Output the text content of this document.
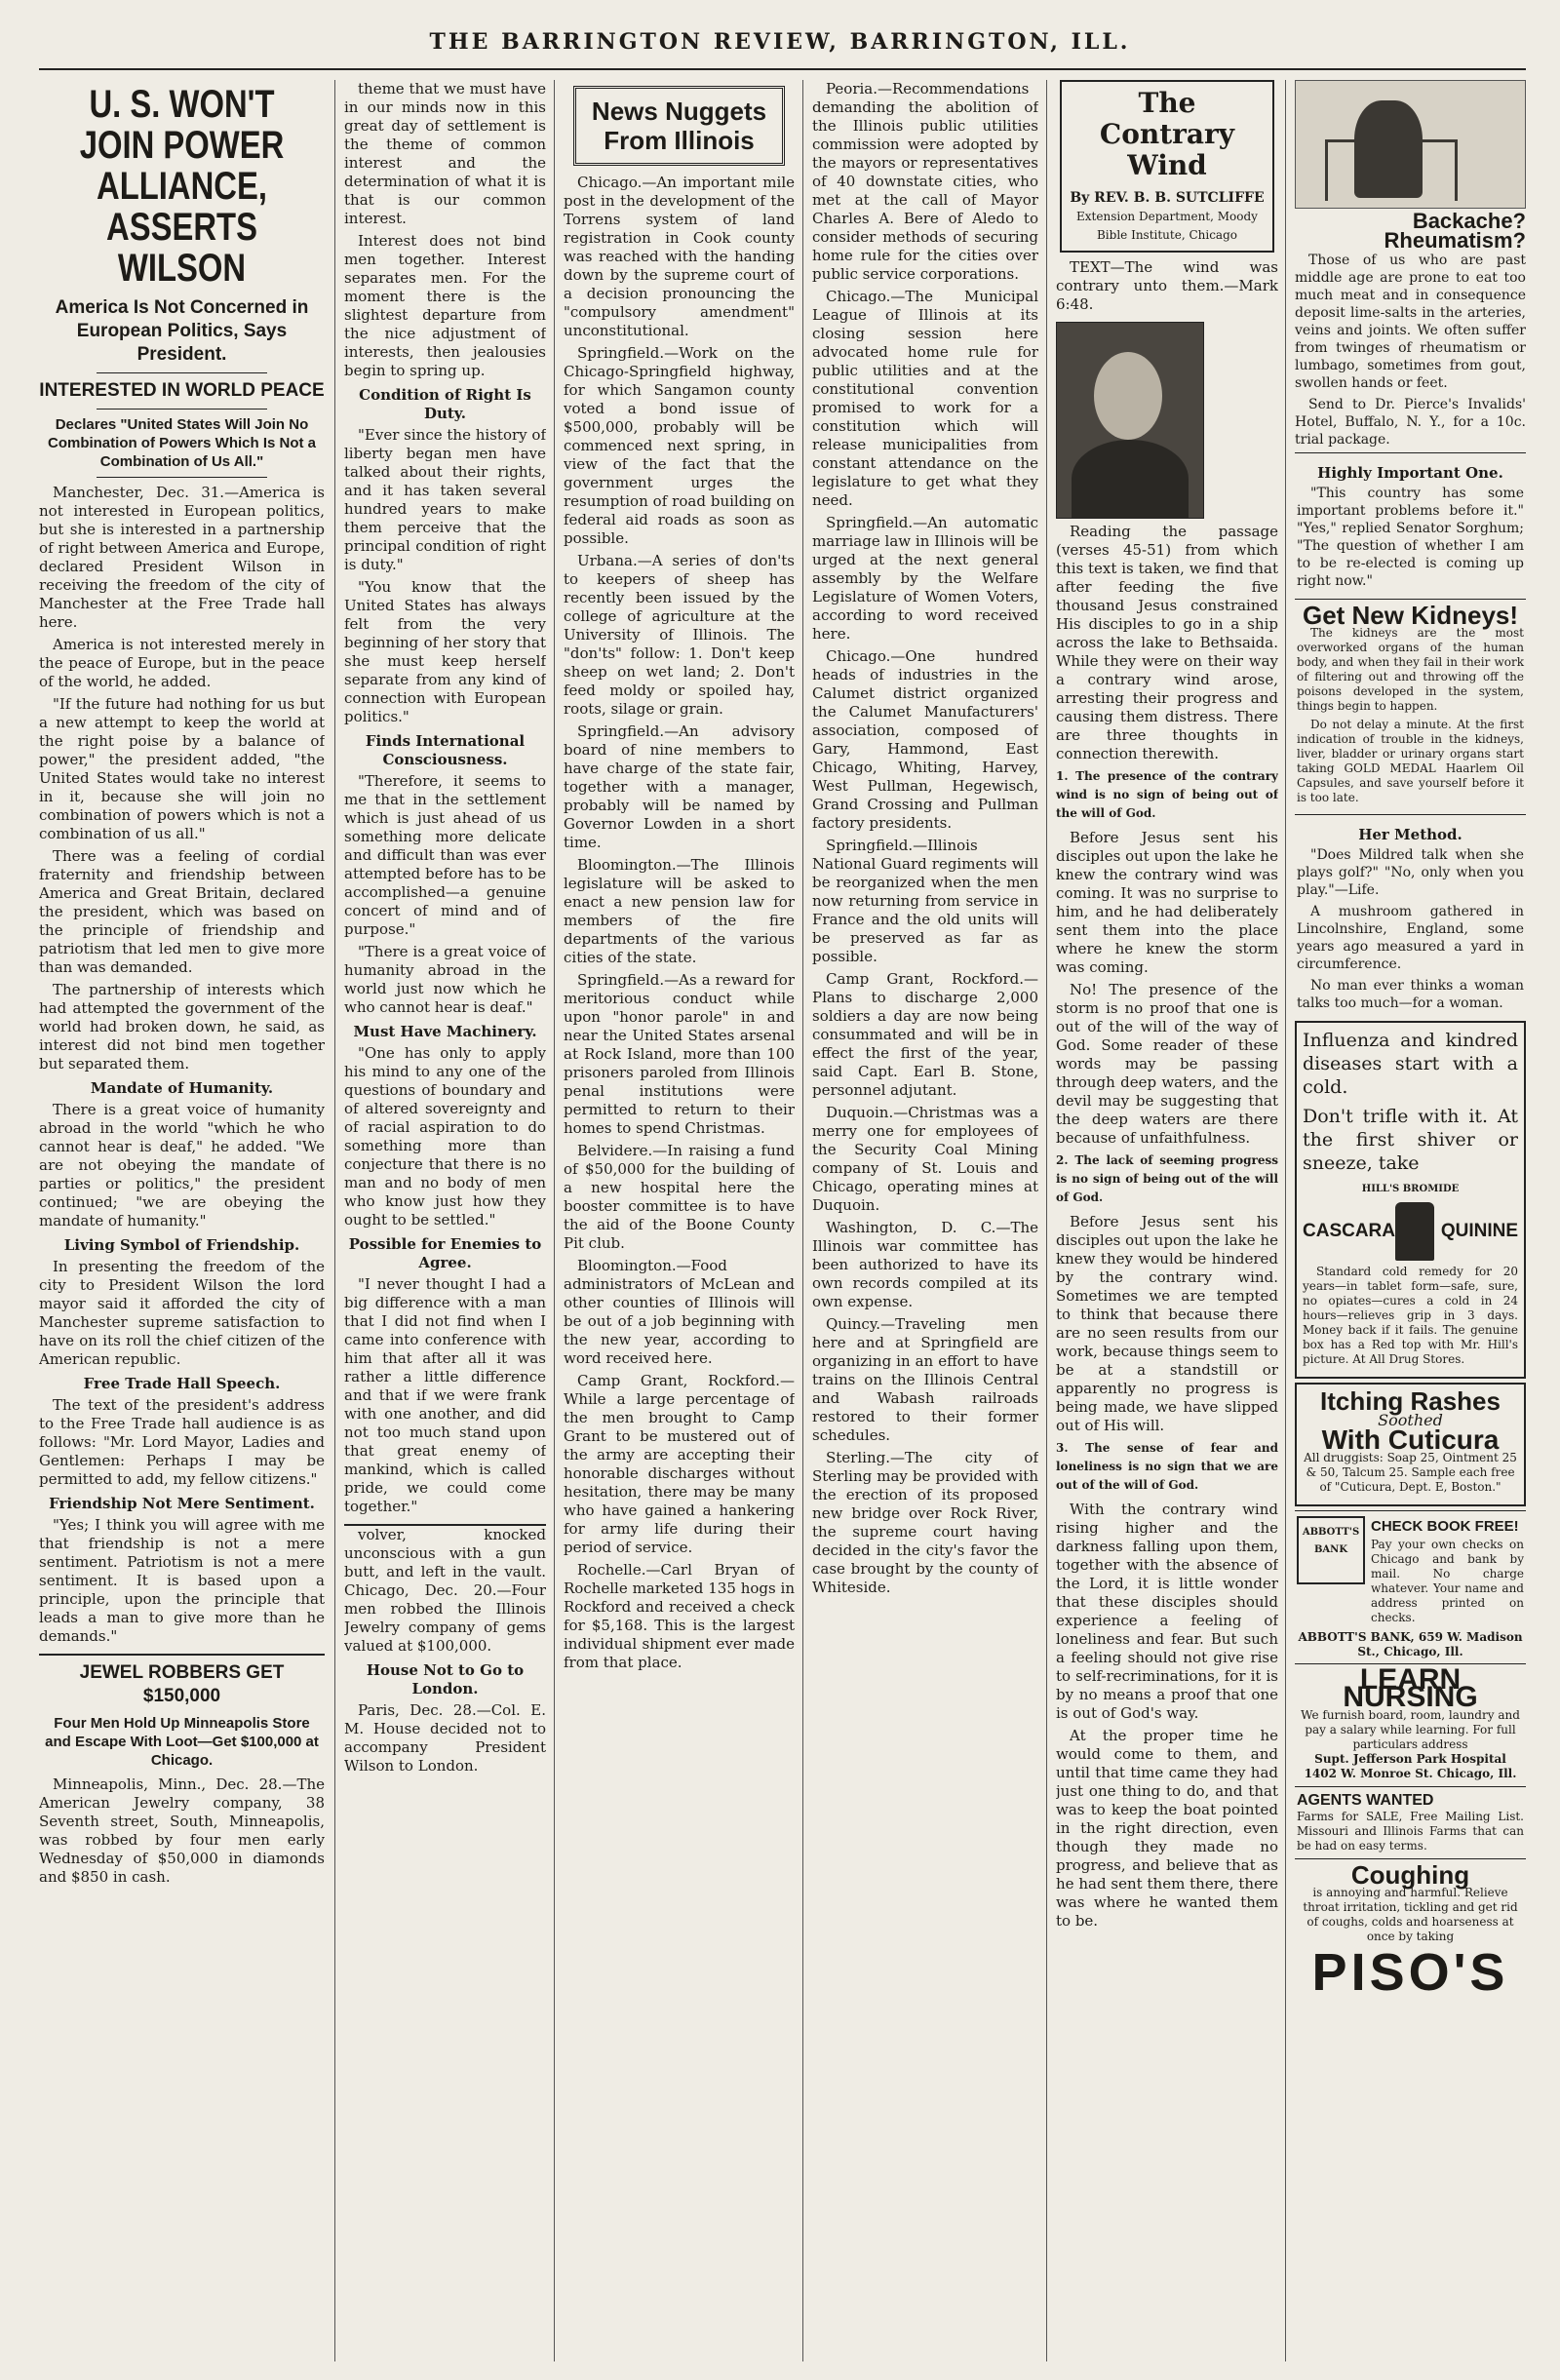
THE BARRINGTON REVIEW, BARRINGTON, ILL.
U. S. WON'T JOIN POWER ALLIANCE, ASSERTS WILSON
America Is Not Concerned in European Politics, Says President.
INTERESTED IN WORLD PEACE
Declares "United States Will Join No Combination of Powers Which Is Not a Combination of Us All."

Manchester, Dec. 31.—America is not interested in European politics, but she is interested in a partnership of right between America and Europe, declared President Wilson in receiving the freedom of the city of Manchester at the Free Trade hall here.

America is not interested merely in the peace of Europe, but in the peace of the world, he added.

"If the future had nothing for us but a new attempt to keep the world at the right poise by a balance of power," the president added, "the United States would take no interest in it, because she will join no combination of powers which is not a combination of us all."

There was a feeling of cordial fraternity and friendship between America and Great Britain, declared the president, which was based on the principle of friendship and patriotism that led men to give more than was demanded.

The partnership of interests which had attempted the government of the world had broken down, he said, as interest did not bind men together but separated them.

Mandate of Humanity.

There is a great voice of humanity abroad in the world "which he who cannot hear is deaf," he added. "We are not obeying the mandate of parties or politics," the president continued; "we are obeying the mandate of humanity."

Living Symbol of Friendship.

In presenting the freedom of the city to President Wilson the lord mayor said it afforded the city of Manchester supreme satisfaction to have on its roll the chief citizen of the American republic.

Free Trade Hall Speech.

The text of the president's address to the Free Trade hall audience is as follows: "Mr. Lord Mayor, Ladies and Gentlemen: Perhaps I may be permitted to add, my fellow citizens."

Friendship Not Mere Sentiment.

"Yes; I think you will agree with me that friendship is not a mere sentiment. Patriotism is not a mere sentiment. It is based upon a principle, upon the principle that leads a man to give more than he demands."

JEWEL ROBBERS GET $150,000
Four Men Hold Up Minneapolis Store and Escape With Loot—Get $100,000 at Chicago.

Minneapolis, Minn., Dec. 28.—The American Jewelry company, 38 Seventh street, South, Minneapolis, was robbed by four men early Wednesday of $50,000 in diamonds and $850 in cash.

theme that we must have in our minds now in this great day of settlement is the theme of common interest and the determination of what it is that is our common interest.

Interest does not bind men together. Interest separates men. For the moment there is the slightest departure from the nice adjustment of interests, then jealousies begin to spring up.

Condition of Right Is Duty.

"Ever since the history of liberty began men have talked about their rights, and it has taken several hundred years to make them perceive that the principal condition of right is duty."

"You know that the United States has always felt from the very beginning of her story that she must keep herself separate from any kind of connection with European politics."

Finds International Consciousness.

"Therefore, it seems to me that in the settlement which is just ahead of us something more delicate and difficult than was ever attempted before has to be accomplished—a genuine concert of mind and of purpose."

"There is a great voice of humanity abroad in the world just now which he who cannot hear is deaf."

Must Have Machinery.

"One has only to apply his mind to any one of the questions of boundary and of altered sovereignty and of racial aspiration to do something more than conjecture that there is no man and no body of men who know just how they ought to be settled."

Possible for Enemies to Agree.

"I never thought I had a big difference with a man that I did not find when I came into conference with him that after all it was rather a little difference and that if we were frank with one another, and did not too much stand upon that great enemy of mankind, which is called pride, we could come together."

volver, knocked unconscious with a gun butt, and left in the vault. Chicago, Dec. 20.—Four men robbed the Illinois Jewelry company of gems valued at $100,000.

House Not to Go to London.

Paris, Dec. 28.—Col. E. M. House decided not to accompany President Wilson to London.

News Nuggets From Illinois

Chicago.—An important mile post in the development of the Torrens system of land registration in Cook county was reached with the handing down by the supreme court of a decision pronouncing the "compulsory amendment" unconstitutional.

Springfield.—Work on the Chicago-Springfield highway, for which Sangamon county voted a bond issue of $500,000, probably will be commenced next spring, in view of the fact that the government urges the resumption of road building on federal aid roads as soon as possible.

Urbana.—A series of don'ts to keepers of sheep has recently been issued by the college of agriculture at the University of Illinois. The "don'ts" follow: 1. Don't keep sheep on wet land; 2. Don't feed moldy or spoiled hay, roots, silage or grain.

Springfield.—An advisory board of nine members to have charge of the state fair, together with a manager, probably will be named by Governor Lowden in a short time.

Bloomington.—The Illinois legislature will be asked to enact a new pension law for members of the fire departments of the various cities of the state.

Springfield.—As a reward for meritorious conduct while upon "honor parole" in and near the United States arsenal at Rock Island, more than 100 prisoners paroled from Illinois penal institutions were permitted to return to their homes to spend Christmas.

Belvidere.—In raising a fund of $50,000 for the building of a new hospital here the booster committee is to have the aid of the Boone County Pit club.

Bloomington.—Food administrators of McLean and other counties of Illinois will be out of a job beginning with the new year, according to word received here.

Camp Grant, Rockford.—While a large percentage of the men brought to Camp Grant to be mustered out of the army are accepting their honorable discharges without hesitation, there may be many who have gained a hankering for army life during their period of service.

Rochelle.—Carl Bryan of Rochelle marketed 135 hogs in Rockford and received a check for $5,168. This is the largest individual shipment ever made from that place.

Peoria.—Recommendations demanding the abolition of the Illinois public utilities commission were adopted by the mayors or representatives of 40 downstate cities, who met at the call of Mayor Charles A. Bere of Aledo to consider methods of securing home rule for the cities over public service corporations.

Chicago.—The Municipal League of Illinois at its closing session here advocated home rule for public utilities and at the constitutional convention promised to work for a constitution which will release municipalities from constant attendance on the legislature to get what they need.

Springfield.—An automatic marriage law in Illinois will be urged at the next general assembly by the Welfare Legislature of Women Voters, according to word received here.

Chicago.—One hundred heads of industries in the Calumet district organized the Calumet Manufacturers' association, composed of Gary, Hammond, East Chicago, Whiting, Harvey, West Pullman, Hegewisch, Grand Crossing and Pullman factory presidents.

Springfield.—Illinois National Guard regiments will be reorganized when the men now returning from service in France and the old units will be preserved as far as possible.

Camp Grant, Rockford.—Plans to discharge 2,000 soldiers a day are now being consummated and will be in effect the first of the year, said Capt. Earl B. Stone, personnel adjutant.

Duquoin.—Christmas was a merry one for employees of the Security Coal Mining company of St. Louis and Chicago, operating mines at Duquoin.

Washington, D. C.—The Illinois war committee has been authorized to have its own records compiled at its own expense.

Quincy.—Traveling men here and at Springfield are organizing in an effort to have trains on the Illinois Central and Wabash railroads restored to their former schedules.

Sterling.—The city of Sterling may be provided with the erection of its proposed new bridge over Rock River, the supreme court having decided in the city's favor the case brought by the county of Whiteside.

The Contrary Wind
By REV. B. B. SUTCLIFFE
Extension Department, Moody Bible Institute, Chicago

TEXT—The wind was contrary unto them.—Mark 6:48.

Reading the passage (verses 45-51) from which this text is taken, we find that after feeding the five thousand Jesus constrained His disciples to go in a ship across the lake to Bethsaida. While they were on their way a contrary wind arose, arresting their progress and causing them distress. There are three thoughts in connection therewith.

1. The presence of the contrary wind is no sign of being out of the will of God.

Before Jesus sent his disciples out upon the lake he knew the contrary wind was coming. It was no surprise to him, and he had deliberately sent them into the place where he knew the storm was coming.

No! The presence of the storm is no proof that one is out of the will of the way of God. Some reader of these words may be passing through deep waters, and the devil may be suggesting that the deep waters are there because of unfaithfulness.

2. The lack of seeming progress is no sign of being out of the will of God.

Before Jesus sent his disciples out upon the lake he knew they would be hindered by the contrary wind. Sometimes we are tempted to think that because there are no seen results from our work, because things seem to be at a standstill or apparently no progress is being made, we have slipped out of His will.

3. The sense of fear and loneliness is no sign that we are out of the will of God.

With the contrary wind rising higher and the darkness falling upon them, together with the absence of the Lord, it is little wonder that these disciples should experience a feeling of loneliness and fear. But such a feeling should not give rise to self-recriminations, for it is by no means a proof that one is out of God's way.

At the proper time he would come to them, and until that time came they had just one thing to do, and that was to keep the boat pointed in the right direction, even though they made no progress, and believe that as he had sent them there, there was where he wanted them to be.

Backache?
Rheumatism?

Those of us who are past middle age are prone to eat too much meat and in consequence deposit lime-salts in the arteries, veins and joints. We often suffer from twinges of rheumatism or lumbago, sometimes from gout, swollen hands or feet.

Send to Dr. Pierce's Invalids' Hotel, Buffalo, N. Y., for a 10c. trial package.

Highly Important One.

"This country has some important problems before it." "Yes," replied Senator Sorghum; "The question of whether I am to be re-elected is coming up right now."

Get New Kidneys!

The kidneys are the most overworked organs of the human body, and when they fail in their work of filtering out and throwing off the poisons developed in the system, things begin to happen.

Do not delay a minute. At the first indication of trouble in the kidneys, liver, bladder or urinary organs start taking GOLD MEDAL Haarlem Oil Capsules, and save yourself before it is too late.

Her Method.

"Does Mildred talk when she plays golf?" "No, only when you play."—Life.

A mushroom gathered in Lincolnshire, England, some years ago measured a yard in circumference.

No man ever thinks a woman talks too much—for a woman.

Influenza and kindred diseases start with a cold.
Don't trifle with it. At the first shiver or sneeze, take
HILL'S BROMIDE
CASCARA QUININE

Standard cold remedy for 20 years—in tablet form—safe, sure, no opiates—cures a cold in 24 hours—relieves grip in 3 days. Money back if it fails. The genuine box has a Red top with Mr. Hill's picture. At All Drug Stores.

Itching Rashes
Soothed
With Cuticura

All druggists: Soap 25, Ointment 25 & 50, Talcum 25. Sample each free of "Cuticura, Dept. E, Boston."

ABBOTT'S BANK
CHECK BOOK FREE!
Pay your own checks on Chicago and bank by mail. No charge whatever. Your name and address printed on checks.
ABBOTT'S BANK, 659 W. Madison St., Chicago, Ill.
LEARN NURSING
We furnish board, room, laundry and pay a salary while learning. For full particulars address
Supt. Jefferson Park Hospital 1402 W. Monroe St. Chicago, Ill.
AGENTS WANTED
Farms for SALE, Free Mailing List. Missouri and Illinois Farms that can be had on easy terms.
Coughing
is annoying and harmful. Relieve throat irritation, tickling and get rid of coughs, colds and hoarseness at once by taking
PISO'S
